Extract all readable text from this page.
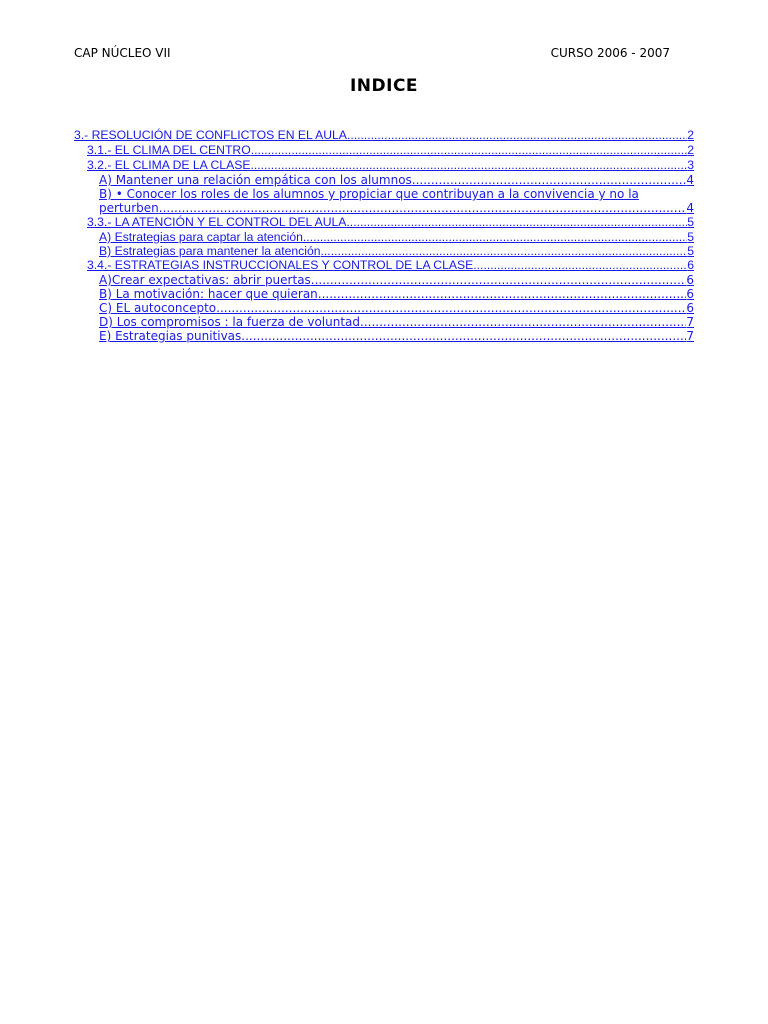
CAP NÚCLEO VII	CURSO 2006 - 2007
INDICE
3.- RESOLUCIÓN DE CONFLICTOS EN EL AULA .....	2
3.1.- EL CLIMA DEL CENTRO .....	2
3.2.- EL CLIMA DE LA CLASE .....	3
A) Mantener una relación empática con los alumnos .....	4
B) • Conocer los roles de los alumnos y propiciar que contribuyan a la convivencia y no la
perturben .....	4
3.3.- LA ATENCIÓN Y EL CONTROL DEL AULA .....	5
A) Estrategias para captar la atención .....	5
B) Estrategias para mantener la atención .....	5
3.4.- ESTRATEGIAS INSTRUCCIONALES Y CONTROL DE LA CLASE .....	6
A)Crear expectativas: abrir puertas .....	6
B) La motivación: hacer que quieran .....	6
C) EL autoconcepto .....	6
D) Los compromisos : la fuerza de voluntad .....	7
E) Estrategias punitivas .....	7
